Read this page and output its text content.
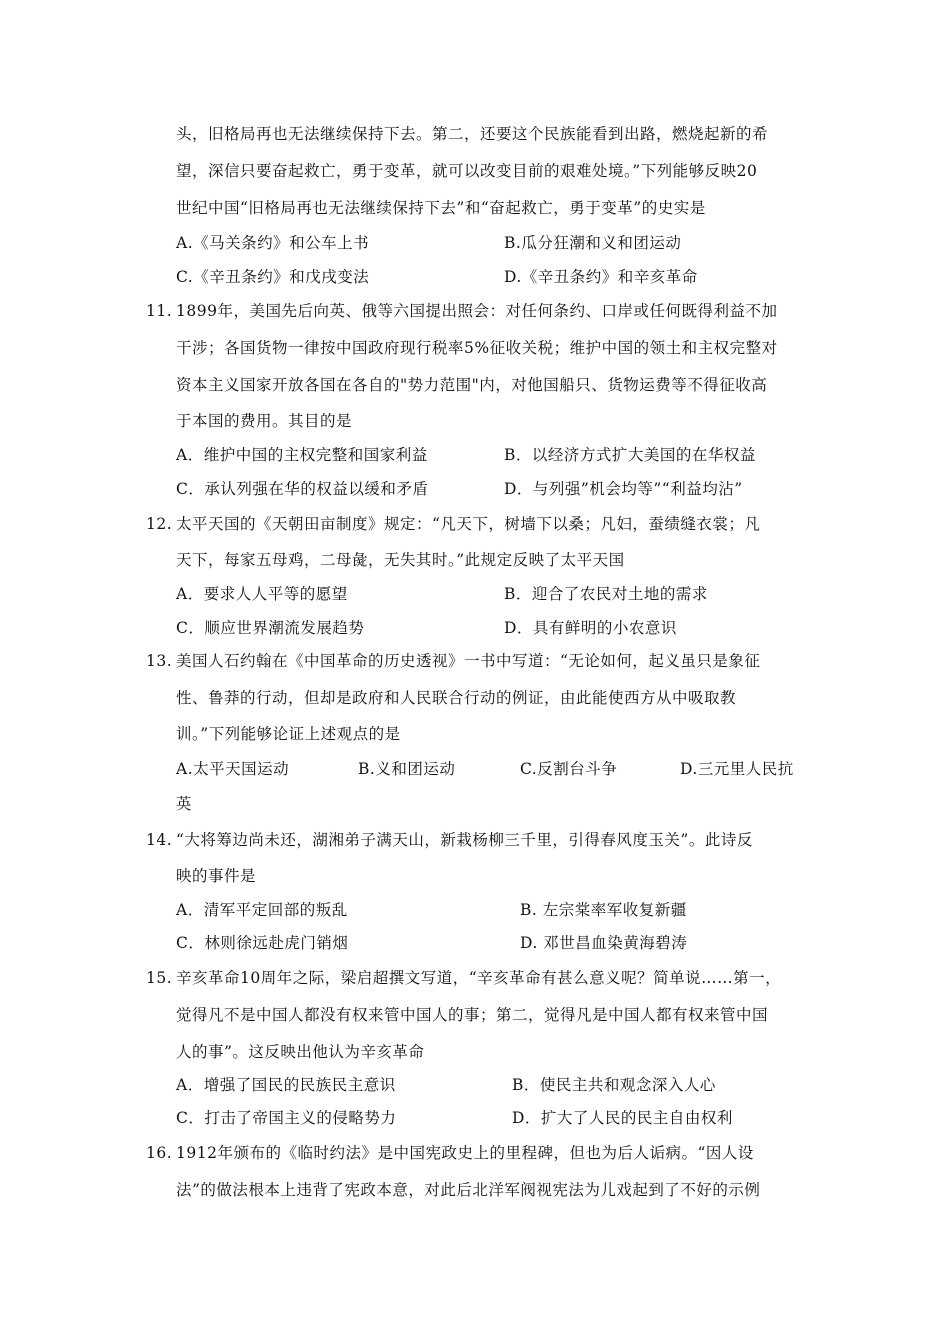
头，旧格局再也无法继续保持下去。第二，还要这个民族能看到出路，燃烧起新的希
望，深信只要奋起救亡，勇于变革，就可以改变目前的艰难处境。”下列能够反映20
世纪中国“旧格局再也无法继续保持下去”和“奋起救亡，勇于变革”的史实是
A.《马关条约》和公车上书	B.瓜分狂潮和义和团运动
C.《辛丑条约》和戊戌变法	D.《辛丑条约》和辛亥革命
11. 1899年，美国先后向英、俄等六国提出照会：对任何条约、口岸或任何既得利益不加
干涉；各国货物一律按中国政府现行税率5%征收关税；维护中国的领土和主权完整对
资本主义国家开放各国在各自的"势力范围"内，对他国船只、货物运费等不得征收高
于本国的费用。其目的是
A．维护中国的主权完整和国家利益	B．以经济方式扩大美国的在华权益
C．承认列强在华的权益以缓和矛盾	D．与列强”机会均等”“利益均沾”
12. 太平天国的《天朝田亩制度》规定：“凡天下，树墙下以桑；凡妇，蚕绩缝衣裳；凡
天下，每家五母鸡，二母彘，无失其时。”此规定反映了太平天国
A．要求人人平等的愿望	B．迎合了农民对土地的需求
C．顺应世界潮流发展趋势	D．具有鲜明的小农意识
13. 美国人石约翰在《中国革命的历史透视》一书中写道：“无论如何，起义虽只是象征
性、鲁莽的行动，但却是政府和人民联合行动的例证，由此能使西方从中吸取教
训。”下列能够论证上述观点的是
A.太平天国运动	B.义和团运动	C.反割台斗争	D.三元里人民抗
英
14. “大将筹边尚未还，湖湘弟子满天山，新栽杨柳三千里，引得春风度玉关”。此诗反
映的事件是
A．清军平定回部的叛乱	B. 左宗棠率军收复新疆
C．林则徐远赴虎门销烟	D. 邓世昌血染黄海碧涛
15. 辛亥革命10周年之际，梁启超撰文写道，“辛亥革命有甚么意义呢？简单说……第一，
觉得凡不是中国人都没有权来管中国人的事；第二，觉得凡是中国人都有权来管中国
人的事”。这反映出他认为辛亥革命
A．增强了国民的民族民主意识	B．使民主共和观念深入人心
C．打击了帝国主义的侵略势力	D．扩大了人民的民主自由权利
16. 1912年颁布的《临时约法》是中国宪政史上的里程碑，但也为后人诟病。“因人设
法”的做法根本上违背了宪政本意，对此后北洋军阀视宪法为儿戏起到了不好的示例
